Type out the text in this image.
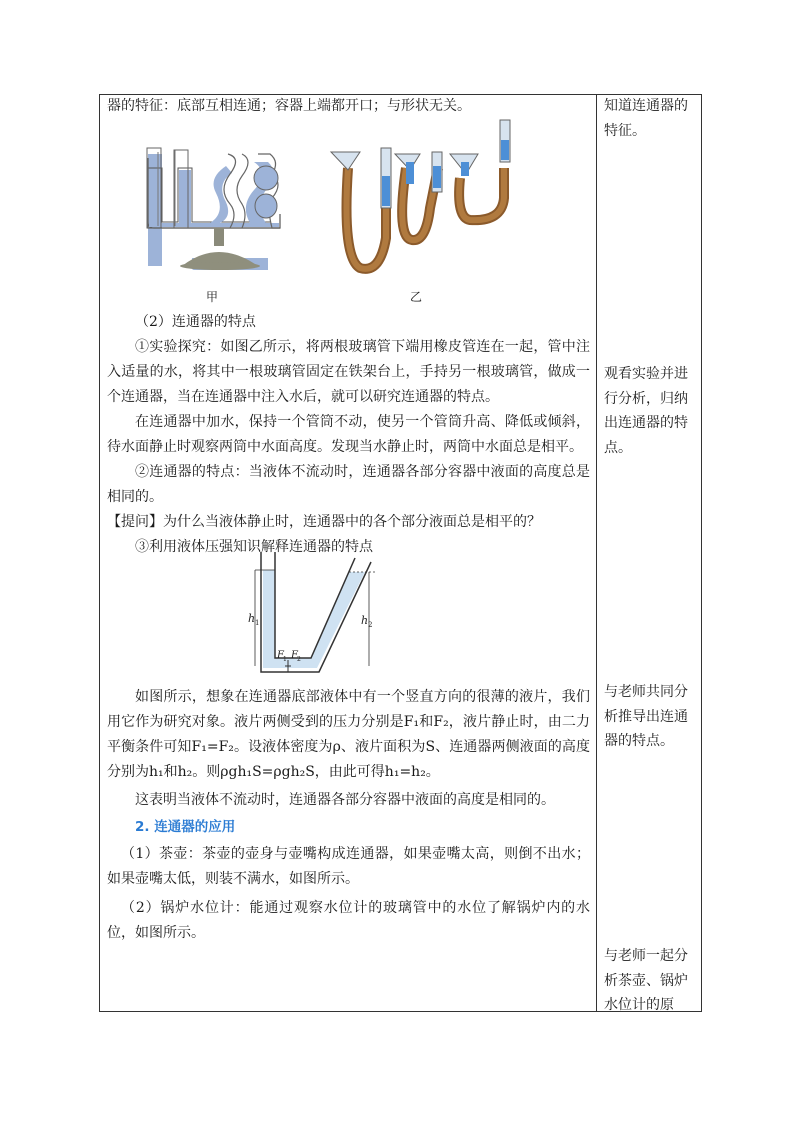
器的特征：底部互相连通；容器上端都开口；与形状无关。

甲	乙

（2）连通器的特点

①实验探究：如图乙所示，将两根玻璃管下端用橡皮管连在一起，管中注入适量的水，将其中一根玻璃管固定在铁架台上，手持另一根玻璃管，做成一个连通器，当在连通器中注入水后，就可以研究连通器的特点。

在连通器中加水，保持一个管筒不动，使另一个管筒升高、降低或倾斜，待水面静止时观察两筒中水面高度。发现当水静止时，两筒中水面总是相平。

②连通器的特点：当液体不流动时，连通器各部分容器中液面的高度总是相同的。

【提问】为什么当液体静止时，连通器中的各个部分液面总是相平的？

③利用液体压强知识解释连通器的特点

h 1	h 2
F 1 F 2

如图所示，想象在连通器底部液体中有一个竖直方向的很薄的液片，我们用它作为研究对象。液片两侧受到的压力分别是F₁和F₂，液片静止时，由二力平衡条件可知F₁=F₂。设液体密度为ρ、液片面积为S、连通器两侧液面的高度分别为h₁和h₂。则ρgh₁S=ρgh₂S，由此可得h₁=h₂。

这表明当液体不流动时，连通器各部分容器中液面的高度是相同的。

2. 连通器的应用

（1）茶壶：茶壶的壶身与壶嘴构成连通器，如果壶嘴太高，则倒不出水；如果壶嘴太低，则装不满水，如图所示。

（2）锅炉水位计：能通过观察水位计的玻璃管中的水位了解锅炉内的水位，如图所示。

知道连通器的特征。
观看实验并进行分析，归纳出连通器的特点。
与老师共同分析推导出连通器的特点。
与老师一起分析茶壶、锅炉水位计的原
